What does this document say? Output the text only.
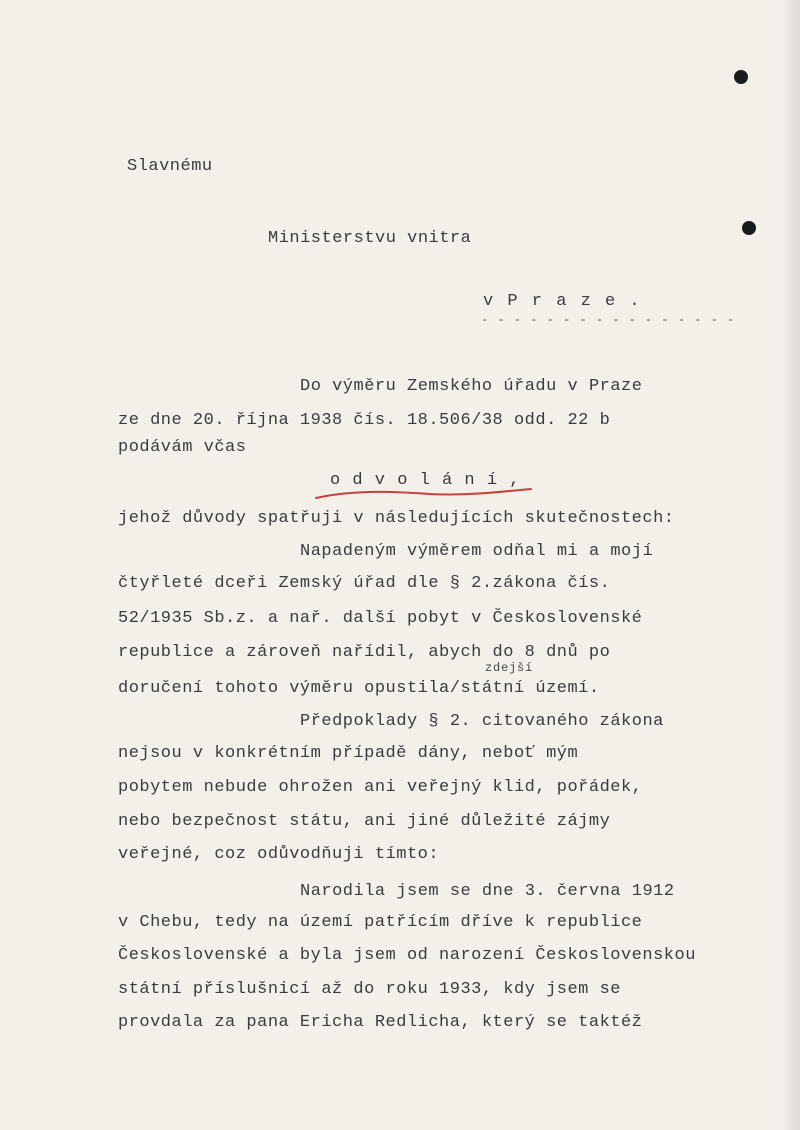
Slavnému
Ministerstvu vnitra
v P r a z e .
- - - - - - - - - - - - - - - -
Do výměru Zemského úřadu v Praze
ze dne 20. října 1938 čís. 18.506/38 odd. 22 b
podávám včas
o d v o l á n í ,
jehož důvody spatřuji v následujících skutečnostech:
Napadeným výměrem odňal mi a mojí
čtyřleté dceři Zemský úřad dle § 2.zákona čís.
52/1935 Sb.z. a nař. další pobyt v Československé
republice a zároveň nařídil, abych do 8 dnů po
zdejší
doručení tohoto výměru opustila/státní území.
Předpoklady § 2. citovaného zákona
nejsou v konkrétním případě dány, neboť mým
pobytem nebude ohrožen ani veřejný klid, pořádek,
nebo bezpečnost státu, ani jiné důležité zájmy
veřejné, coz odůvodňuji tímto:
Narodila jsem se dne 3. června 1912
v Chebu, tedy na území patřícím dříve k republice
Československé a byla jsem od narození Československou
státní příslušnicí až do roku 1933, kdy jsem se
provdala za pana Ericha Redlicha, který se taktéž
